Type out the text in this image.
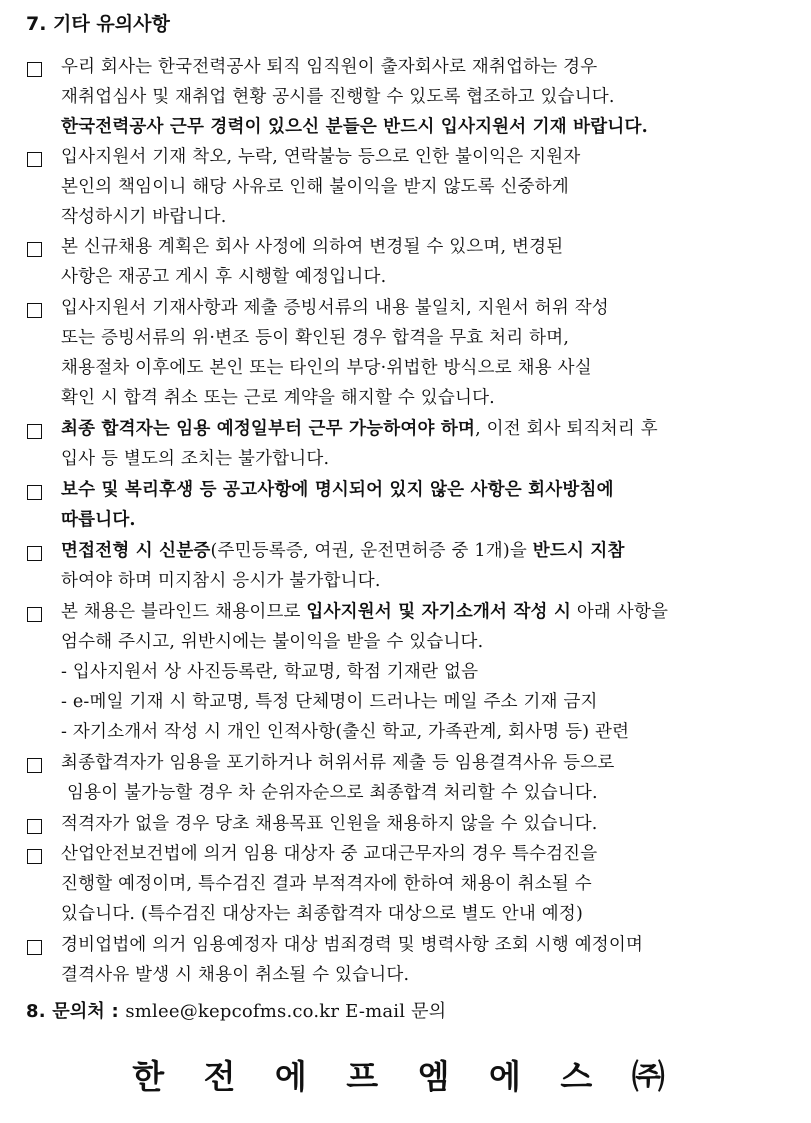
7. 기타 유의사항
우리 회사는 한국전력공사 퇴직 임직원이 출자회사로 재취업하는 경우
재취업심사 및 재취업 현황 공시를 진행할 수 있도록 협조하고 있습니다.
한국전력공사 근무 경력이 있으신 분들은 반드시 입사지원서 기재 바랍니다.
입사지원서 기재 착오, 누락, 연락불능 등으로 인한 불이익은 지원자
본인의 책임이니 해당 사유로 인해 불이익을 받지 않도록 신중하게
작성하시기 바랍니다.
본 신규채용 계획은 회사 사정에 의하여 변경될 수 있으며, 변경된
사항은 재공고 게시 후 시행할 예정입니다.
입사지원서 기재사항과 제출 증빙서류의 내용 불일치, 지원서 허위 작성
또는 증빙서류의 위·변조 등이 확인된 경우 합격을 무효 처리 하며,
채용절차 이후에도 본인 또는 타인의 부당·위법한 방식으로 채용 사실
확인 시 합격 취소 또는 근로 계약을 해지할 수 있습니다.
최종 합격자는 임용 예정일부터 근무 가능하여야 하며, 이전 회사 퇴직처리 후
입사 등 별도의 조치는 불가합니다.
보수 및 복리후생 등 공고사항에 명시되어 있지 않은 사항은 회사방침에
따릅니다.
면접전형 시 신분증(주민등록증, 여권, 운전면허증 중 1개)을 반드시 지참
하여야 하며 미지참시 응시가 불가합니다.
본 채용은 블라인드 채용이므로 입사지원서 및 자기소개서 작성 시 아래 사항을
엄수해 주시고, 위반시에는 불이익을 받을 수 있습니다.
- 입사지원서 상 사진등록란, 학교명, 학점 기재란 없음
- e-메일 기재 시 학교명, 특정 단체명이 드러나는 메일 주소 기재 금지
- 자기소개서 작성 시 개인 인적사항(출신 학교, 가족관계, 회사명 등) 관련
최종합격자가 임용을 포기하거나 허위서류 제출 등 임용결격사유 등으로
임용이 불가능할 경우 차 순위자순으로 최종합격 처리할 수 있습니다.
적격자가 없을 경우 당초 채용목표 인원을 채용하지 않을 수 있습니다.
산업안전보건법에 의거 임용 대상자 중 교대근무자의 경우 특수검진을
진행할 예정이며, 특수검진 결과 부적격자에 한하여 채용이 취소될 수
있습니다. (특수검진 대상자는 최종합격자 대상으로 별도 안내 예정)
경비업법에 의거 임용예정자 대상 범죄경력 및 병력사항 조회 시행 예정이며
결격사유 발생 시 채용이 취소될 수 있습니다.
8. 문의처 : smlee@kepcofms.co.kr E-mail 문의
한 전 에 프 엠 에 스 ㈜
